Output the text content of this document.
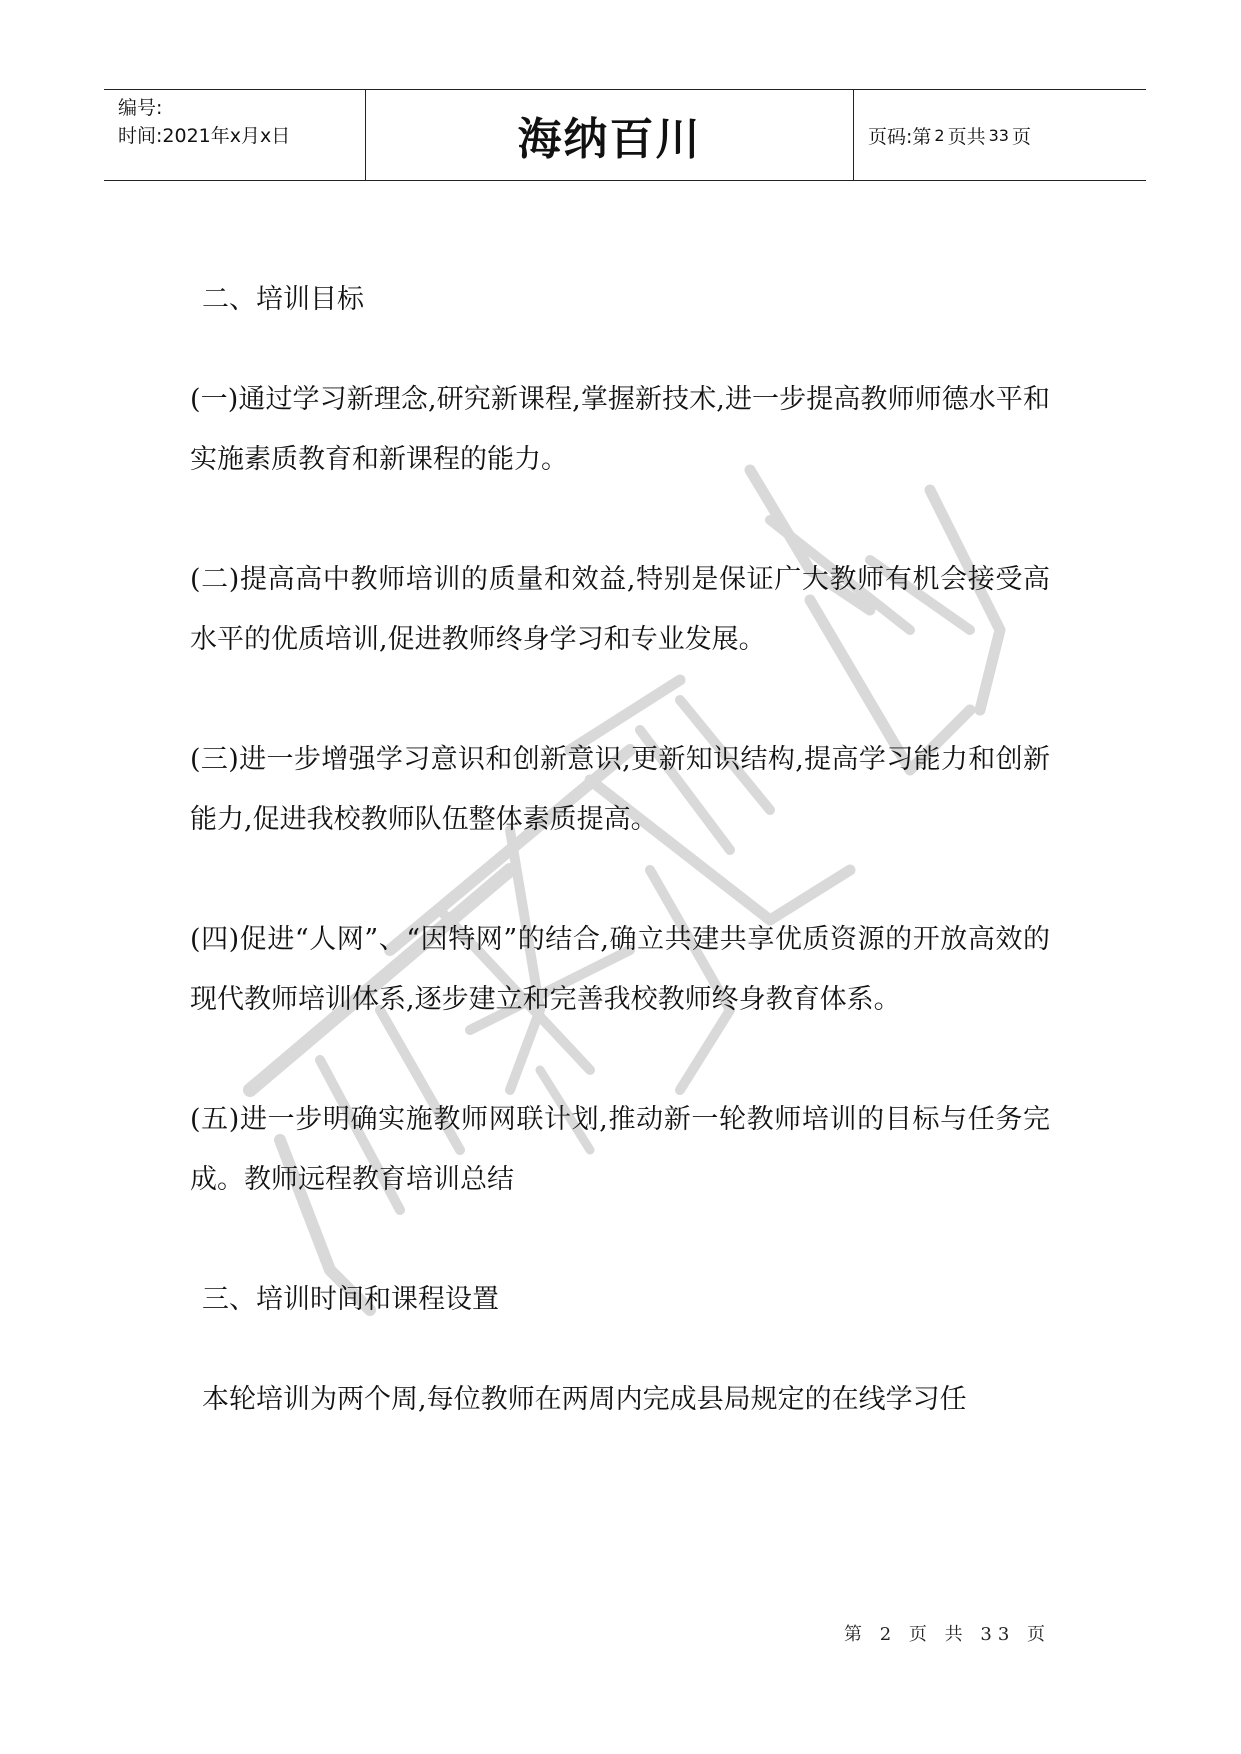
编号:
时间:2021年x月x日	海纳百川	页码:第 2 页共 33 页
严禁复制
二、培训目标
(一)通过学习新理念,研究新课程,掌握新技术,进一步提高教师师德水平和实施素质教育和新课程的能力。
(二)提高高中教师培训的质量和效益,特别是保证广大教师有机会接受高水平的优质培训,促进教师终身学习和专业发展。
(三)进一步增强学习意识和创新意识,更新知识结构,提高学习能力和创新能力,促进我校教师队伍整体素质提高。
(四)促进“人网”、“因特网”的结合,确立共建共享优质资源的开放高效的现代教师培训体系,逐步建立和完善我校教师终身教育体系。
(五)进一步明确实施教师网联计划,推动新一轮教师培训的目标与任务完成。教师远程教育培训总结
三、培训时间和课程设置
本轮培训为两个周,每位教师在两周内完成县局规定的在线学习任
第 2 页 共 33 页
